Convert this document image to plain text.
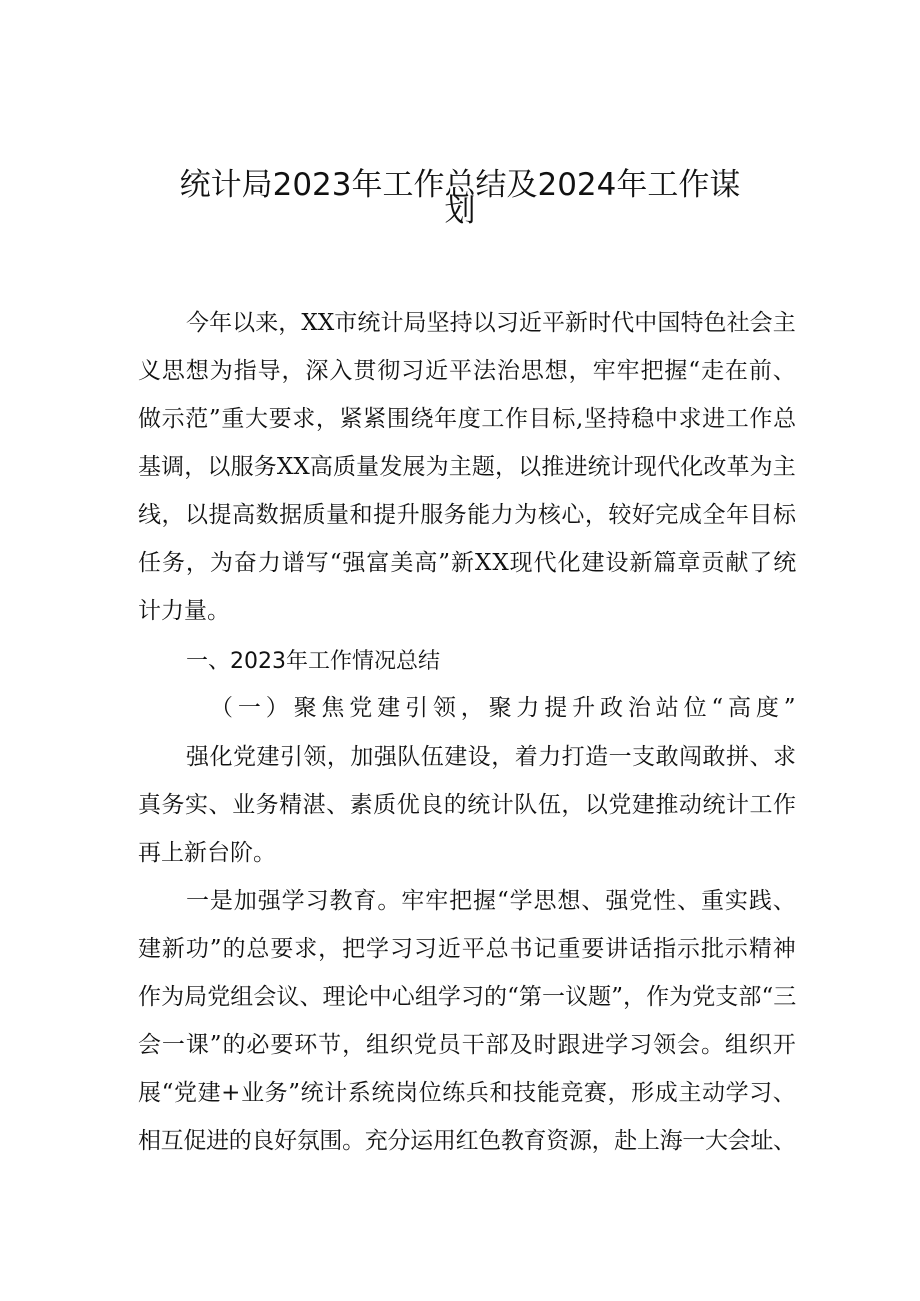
统计局2023年工作总结及2024年工作谋
划
今年以来，XX市统计局坚持以习近平新时代中国特色社会主
义思想为指导，深入贯彻习近平法治思想，牢牢把握“走在前、
做示范”重大要求，紧紧围绕年度工作目标,坚持稳中求进工作总
基调，以服务XX高质量发展为主题，以推进统计现代化改革为主
线，以提高数据质量和提升服务能力为核心，较好完成全年目标
任务，为奋力谱写“强富美高”新XX现代化建设新篇章贡献了统
计力量。
一、2023年工作情况总结
（一）聚焦党建引领，聚力提升政治站位“高度”
强化党建引领，加强队伍建设，着力打造一支敢闯敢拼、求
真务实、业务精湛、素质优良的统计队伍，以党建推动统计工作
再上新台阶。
一是加强学习教育。牢牢把握“学思想、强党性、重实践、
建新功”的总要求，把学习习近平总书记重要讲话指示批示精神
作为局党组会议、理论中心组学习的“第一议题”，作为党支部“三
会一课”的必要环节，组织党员干部及时跟进学习领会。组织开
展“党建+业务”统计系统岗位练兵和技能竞赛，形成主动学习、
相互促进的良好氛围。充分运用红色教育资源，赴上海一大会址、
